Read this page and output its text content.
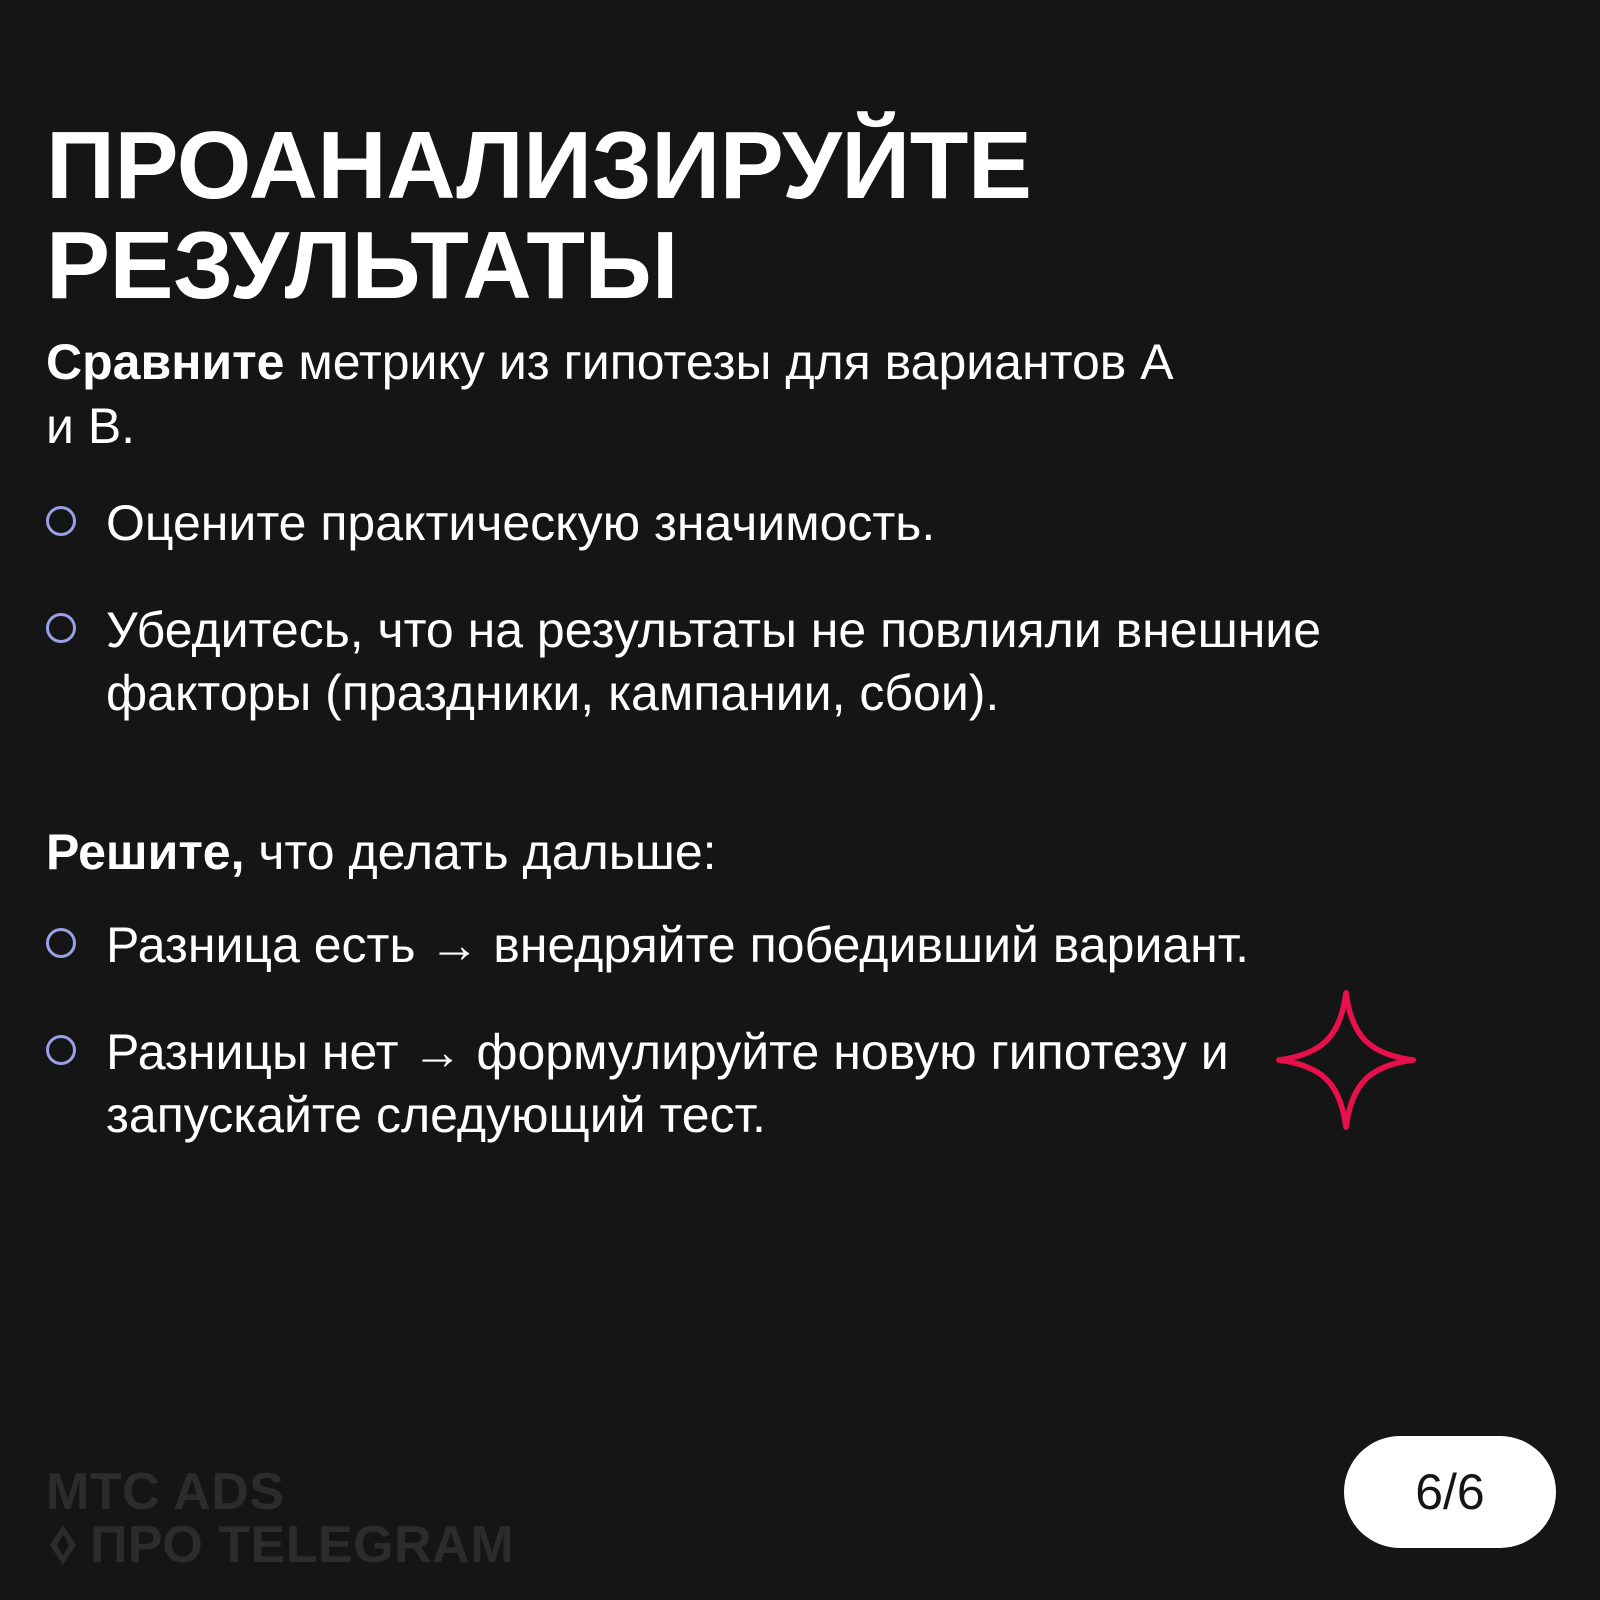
ПРОАНАЛИЗИРУЙТЕ РЕЗУЛЬТАТЫ

Сравните метрику из гипотезы для вариантов A и B.

Оцените практическую значимость.
Убедитесь, что на результаты не повлияли внешние факторы (праздники, кампании, сбои).

Решите, что делать дальше:

Разница есть → внедряйте победивший вариант.
Разницы нет → формулируйте новую гипотезу и запускайте следующий тест.
MTC ADS
ПРО TELEGRAM
6/6
